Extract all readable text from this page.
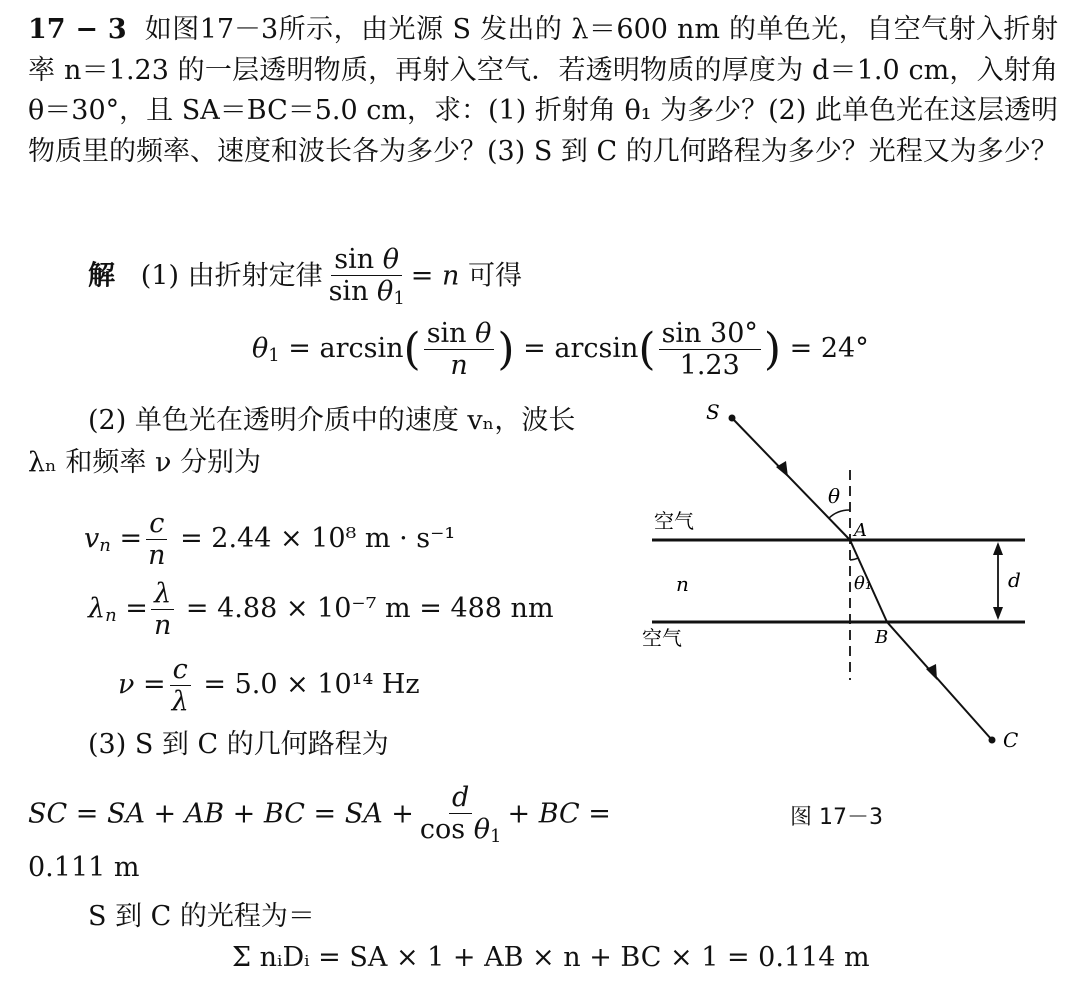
17 − 3 如图17－3所示，由光源 S 发出的 λ＝600 nm 的单色光，自空气射入折射率 n＝1.23 的一层透明物质，再射入空气．若透明物质的厚度为 d＝1.0 cm，入射角 θ＝30°，且 SA＝BC＝5.0 cm，求：(1) 折射角 θ₁ 为多少？(2) 此单色光在这层透明物质里的频率、速度和波长各为多少？(3) S 到 C 的几何路程为多少？光程又为多少？
解 (1) 由折射定律 $\frac{\text{sin θ}}{\sin \theta_1} = n$ 可得
$\theta_1 = \arcsin( \frac{\text{sin θ}}{n}$ ) = $\arcsin( \frac{\sin 30^\circ}{1.23}$ ) = 24°
(2) 单色光在透明介质中的速度 vₙ，波长
λₙ 和频率 ν 分别为
$v_n = \frac{c}{n} = 2.44 \times 10^8$ m · s⁻¹
$\lambda_n = \frac{\lambda}{n} = 4.88 \times 10^{-7}$ m = 488 nm
$\nu = \frac{c}{\lambda} = 5.0 \times 10^{14}$ Hz
(3) S 到 C 的几何路程为
SC = SA + AB + BC = SA + $\frac{d}{\cos \theta_1}$ + BC =
0.111 m
S 到 C 的光程为＝
Σ nᵢDᵢ = SA × 1 + AB × n + BC × 1 = 0.114 m
S
C
A
B
θ
θ₁	d
n
空气
空气
图 17－3
